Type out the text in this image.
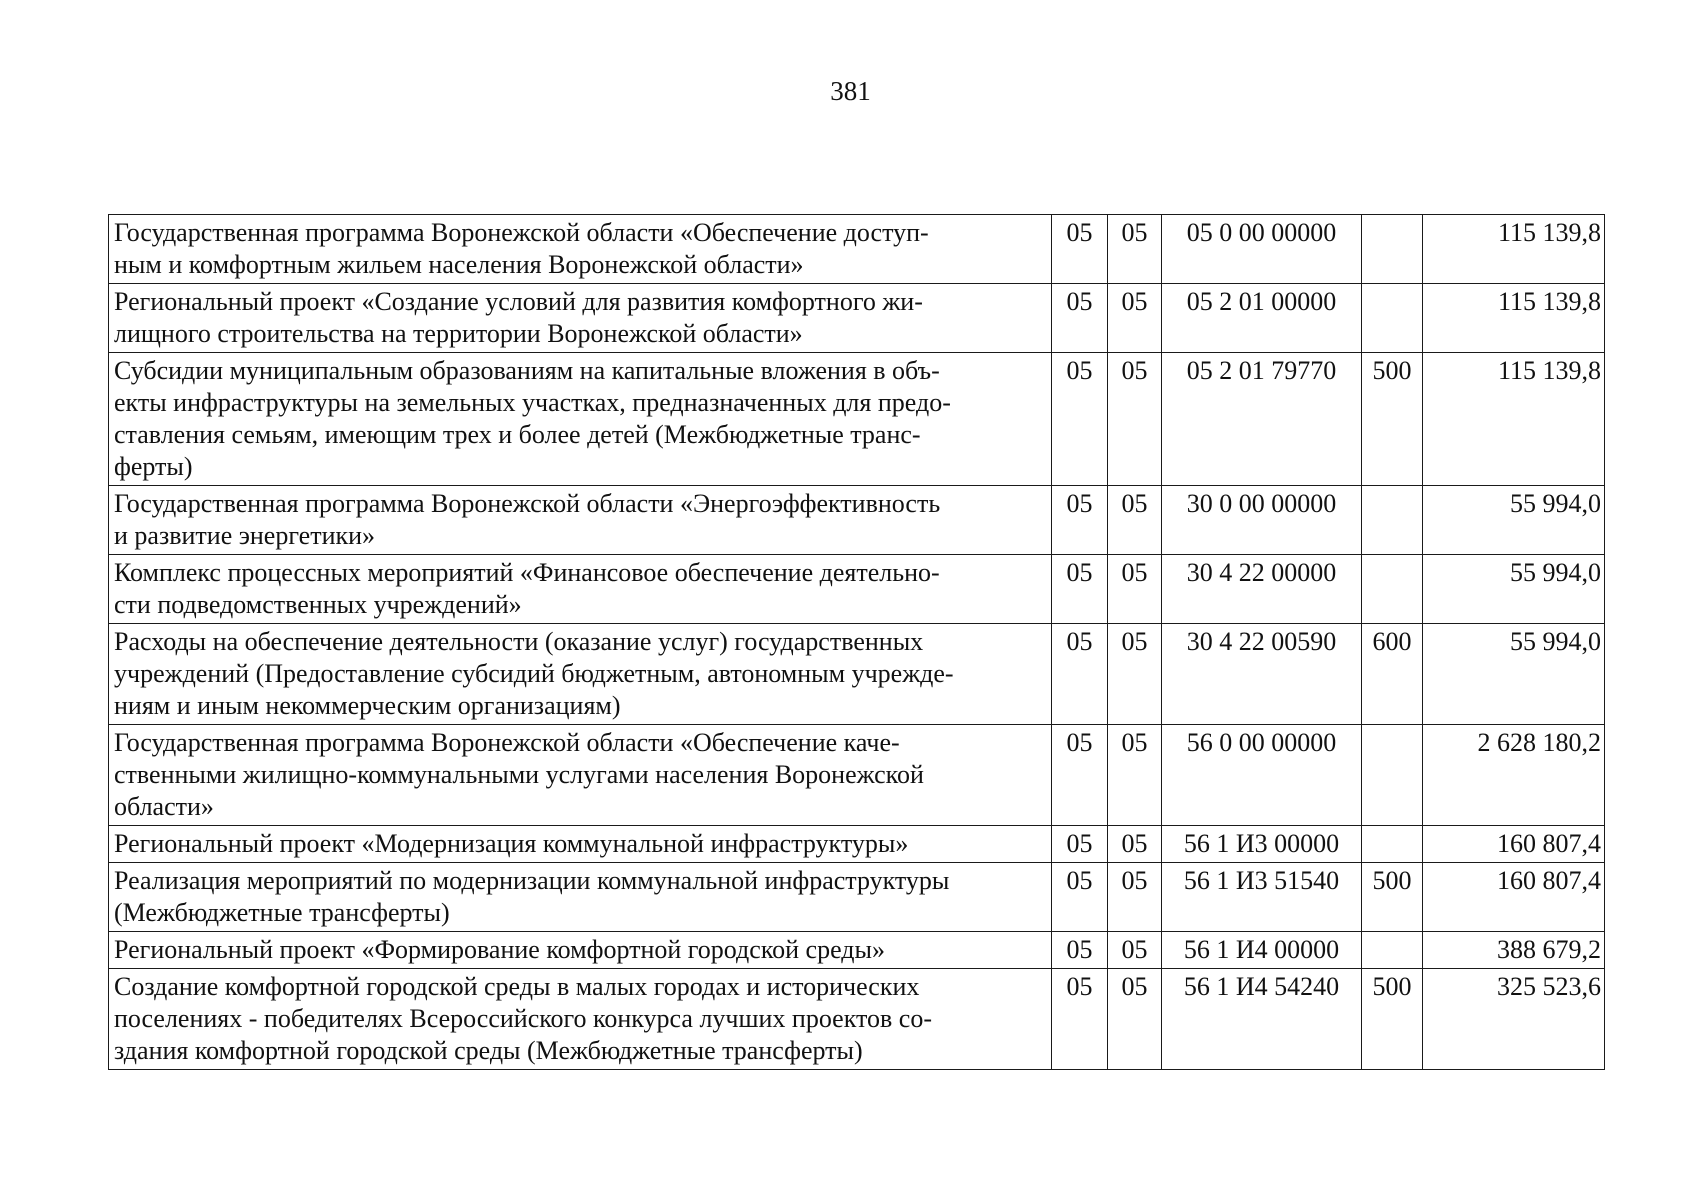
381
Государственная программа Воронежской области «Обеспечение доступ-
ным и комфортным жильем населения Воронежской области»	05	05	05 0 00 00000		115 139,8
Региональный проект «Создание условий для развития комфортного жи-
лищного строительства на территории Воронежской области»	05	05	05 2 01 00000		115 139,8
Субсидии муниципальным образованиям на капитальные вложения в объ-
екты инфраструктуры на земельных участках, предназначенных для предо-
ставления семьям, имеющим трех и более детей (Межбюджетные транс-
ферты)	05	05	05 2 01 79770	500	115 139,8
Государственная программа Воронежской области «Энергоэффективность
и развитие энергетики»	05	05	30 0 00 00000		55 994,0
Комплекс процессных мероприятий «Финансовое обеспечение деятельно-
сти подведомственных учреждений»	05	05	30 4 22 00000		55 994,0
Расходы на обеспечение деятельности (оказание услуг) государственных
учреждений (Предоставление субсидий бюджетным, автономным учрежде-
ниям и иным некоммерческим организациям)	05	05	30 4 22 00590	600	55 994,0
Государственная программа Воронежской области «Обеспечение каче-
ственными жилищно-коммунальными услугами населения Воронежской
области»	05	05	56 0 00 00000		2 628 180,2
Региональный проект «Модернизация коммунальной инфраструктуры»	05	05	56 1 И3 00000		160 807,4
Реализация мероприятий по модернизации коммунальной инфраструктуры
(Межбюджетные трансферты)	05	05	56 1 И3 51540	500	160 807,4
Региональный проект «Формирование комфортной городской среды»	05	05	56 1 И4 00000		388 679,2
Создание комфортной городской среды в малых городах и исторических
поселениях - победителях Всероссийского конкурса лучших проектов со-
здания комфортной городской среды (Межбюджетные трансферты)	05	05	56 1 И4 54240	500	325 523,6
